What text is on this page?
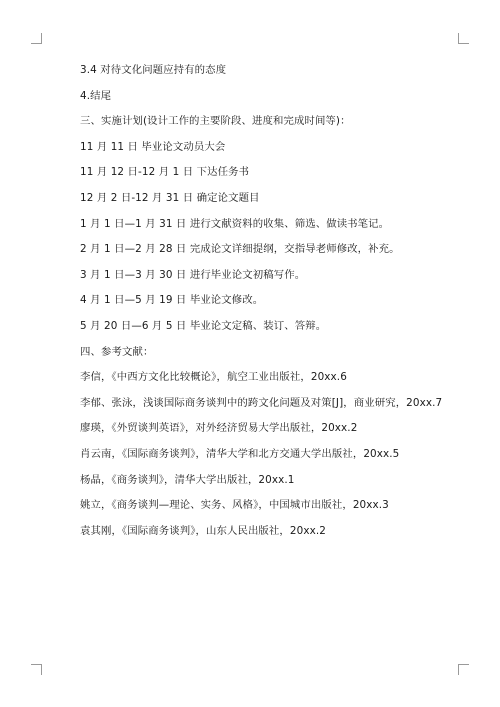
3.4 对待文化问题应持有的态度
4.结尾
三、实施计划(设计工作的主要阶段、进度和完成时间等)：
11 月 11 日 毕业论文动员大会
11 月 12 日-12 月 1 日 下达任务书
12 月 2 日-12 月 31 日 确定论文题目
1 月 1 日—1 月 31 日 进行文献资料的收集、筛选、做读书笔记。
2 月 1 日—2 月 28 日 完成论文详细提纲，交指导老师修改，补充。
3 月 1 日—3 月 30 日 进行毕业论文初稿写作。
4 月 1 日—5 月 19 日 毕业论文修改。
5 月 20 日—6 月 5 日 毕业论文定稿、装订、答辩。
四、参考文献：
李信，《中西方文化比较概论》，航空工业出版社，20xx.6
李郁、张泳，浅谈国际商务谈判中的跨文化问题及对策[J]，商业研究，20xx.7
廖瑛，《外贸谈判英语》，对外经济贸易大学出版社，20xx.2
肖云南，《国际商务谈判》，清华大学和北方交通大学出版社，20xx.5
杨晶，《商务谈判》，清华大学出版社，20xx.1
姚立，《商务谈判—理论、实务、风格》，中国城市出版社，20xx.3
袁其刚，《国际商务谈判》，山东人民出版社，20xx.2
